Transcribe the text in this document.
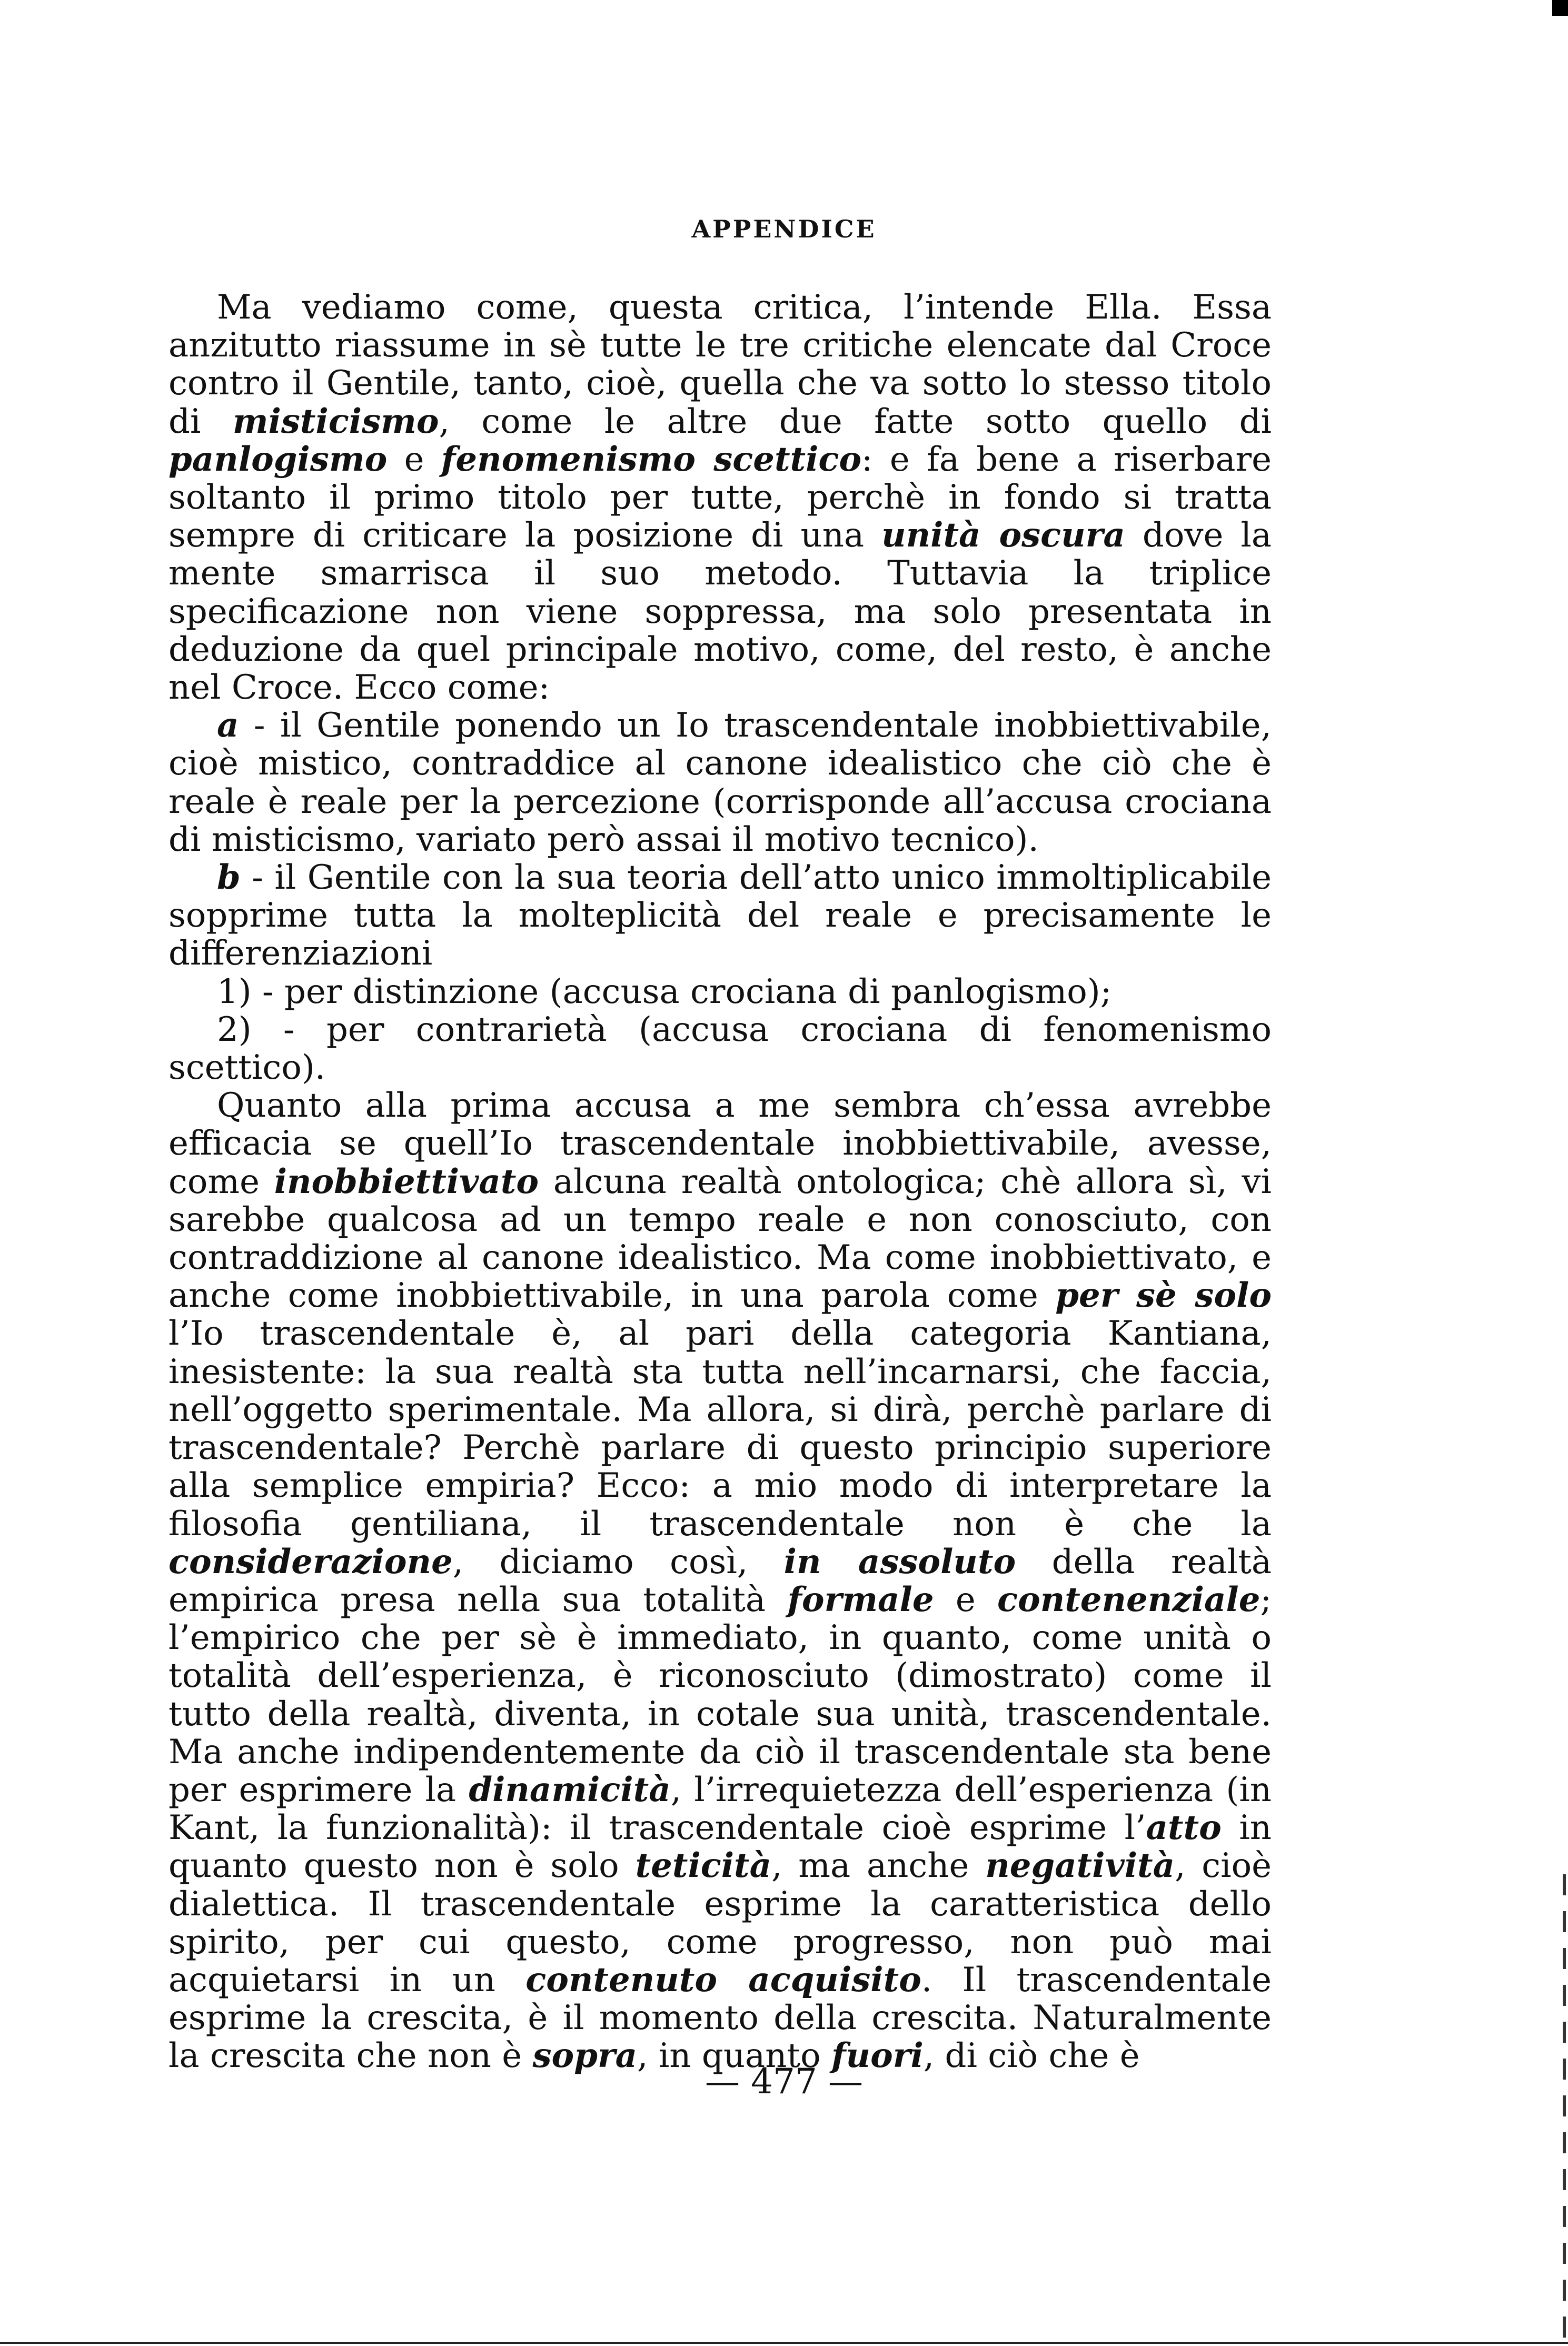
APPENDICE

Ma vediamo come, questa critica, l’intende Ella. Essa anzitutto riassume in sè tutte le tre critiche elencate dal Croce contro il Gentile, tanto, cioè, quella che va sotto lo stesso titolo di misticismo, come le altre due fatte sotto quello di panlogismo e fenomenismo scettico: e fa bene a riserbare soltanto il primo titolo per tutte, perchè in fondo si tratta sempre di criticare la posizione di una unità oscura dove la mente smarrisca il suo metodo. Tuttavia la triplice specificazione non viene soppressa, ma solo presentata in deduzione da quel principale motivo, come, del resto, è anche nel Croce. Ecco come:

a - il Gentile ponendo un Io trascendentale inobbiettivabile, cioè mistico, contraddice al canone idealistico che ciò che è reale è reale per la percezione (corrisponde all’accusa crociana di misticismo, variato però assai il motivo tecnico).

b - il Gentile con la sua teoria dell’atto unico immoltiplicabile sopprime tutta la molteplicità del reale e precisamente le differenziazioni

1) - per distinzione (accusa crociana di panlogismo);

2) - per contrarietà (accusa crociana di fenomenismo scettico).

Quanto alla prima accusa a me sembra ch’essa avrebbe efficacia se quell’Io trascendentale inobbiettivabile, avesse, come inobbiettivato alcuna realtà ontologica; chè allora sì, vi sarebbe qualcosa ad un tempo reale e non conosciuto, con contraddizione al canone idealistico. Ma come inobbiettivato, e anche come inobbiettivabile, in una parola come per sè solo l’Io trascendentale è, al pari della categoria Kantiana, inesistente: la sua realtà sta tutta nell’incarnarsi, che faccia, nell’oggetto sperimentale. Ma allora, si dirà, perchè parlare di trascendentale? Perchè parlare di questo principio superiore alla semplice empiria? Ecco: a mio modo di interpretare la filosofia gentiliana, il trascendentale non è che la considerazione, diciamo così, in assoluto della realtà empirica presa nella sua totalità formale e contenenziale; l’empirico che per sè è immediato, in quanto, come unità o totalità dell’esperienza, è riconosciuto (dimostrato) come il tutto della realtà, diventa, in cotale sua unità, trascendentale. Ma anche indipendentemente da ciò il trascendentale sta bene per esprimere la dinamicità, l’irrequietezza dell’esperienza (in Kant, la funzionalità): il trascendentale cioè esprime l’atto in quanto questo non è solo teticità, ma anche negatività, cioè dialettica. Il trascendentale esprime la caratteristica dello spirito, per cui questo, come progresso, non può mai acquietarsi in un contenuto acquisito. Il trascendentale esprime la crescita, è il momento della crescita. Naturalmente la crescita che non è sopra, in quanto fuori, di ciò che è

— 477 —
